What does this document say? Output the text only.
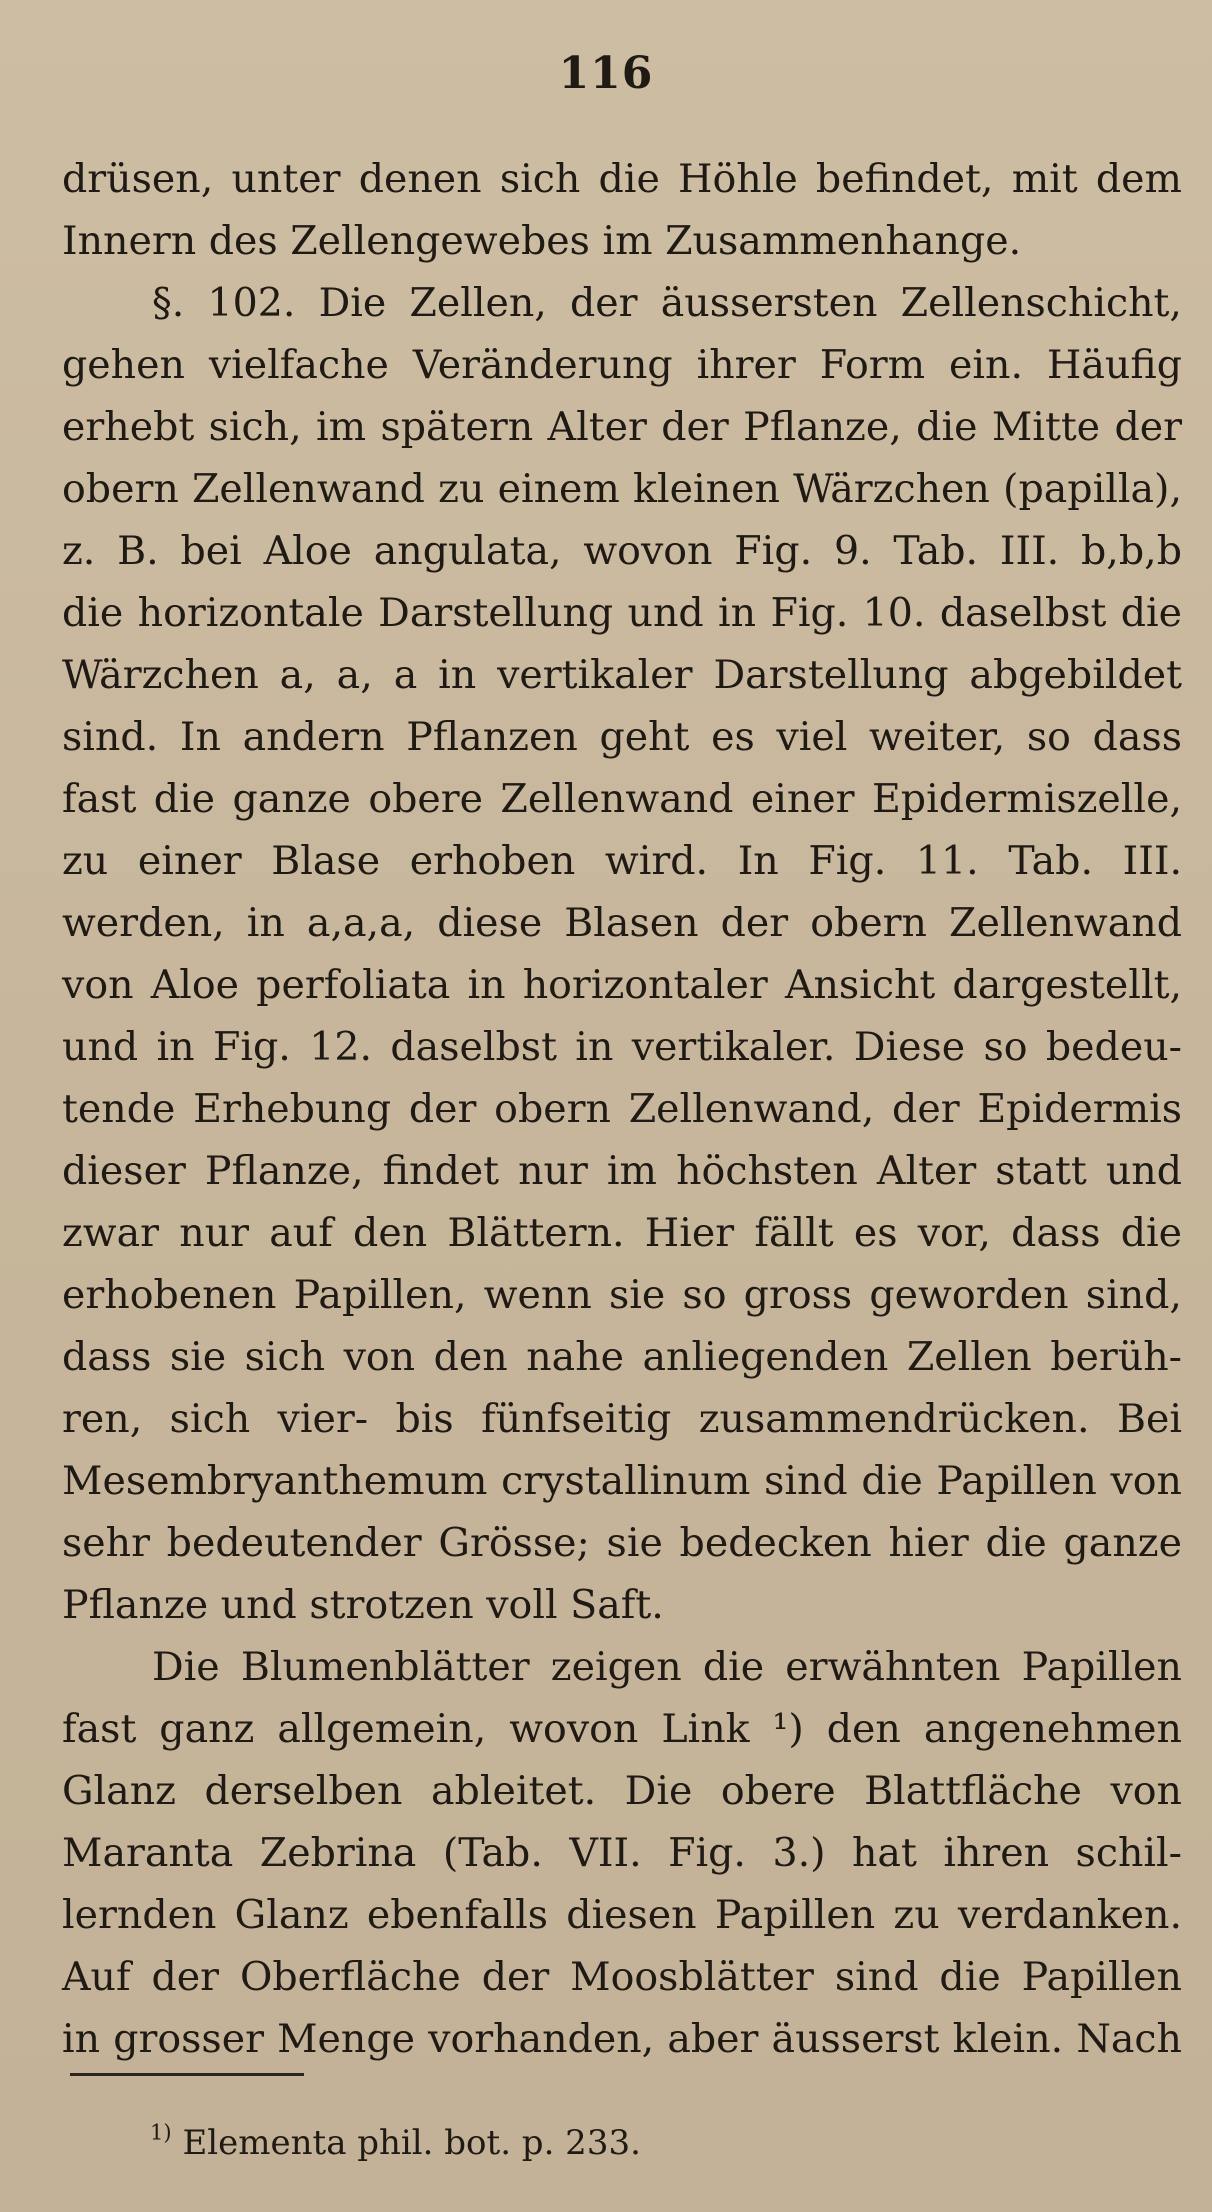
116
drüsen, unter denen sich die Höhle befindet, mit dem
Innern des Zellengewebes im Zusammenhange.
§. 102. Die Zellen, der äussersten Zellenschicht,
gehen vielfache Veränderung ihrer Form ein. Häufig
erhebt sich, im spätern Alter der Pflanze, die Mitte der
obern Zellenwand zu einem kleinen Wärzchen (papilla),
z. B. bei Aloe angulata, wovon Fig. 9. Tab. III. b,b,b
die horizontale Darstellung und in Fig. 10. daselbst die
Wärzchen a, a, a in vertikaler Darstellung abgebildet
sind. In andern Pflanzen geht es viel weiter, so dass
fast die ganze obere Zellenwand einer Epidermiszelle,
zu einer Blase erhoben wird. In Fig. 11. Tab. III.
werden, in a,a,a, diese Blasen der obern Zellenwand
von Aloe perfoliata in horizontaler Ansicht dargestellt,
und in Fig. 12. daselbst in vertikaler. Diese so bedeu-
tende Erhebung der obern Zellenwand, der Epidermis
dieser Pflanze, findet nur im höchsten Alter statt und
zwar nur auf den Blättern. Hier fällt es vor, dass die
erhobenen Papillen, wenn sie so gross geworden sind,
dass sie sich von den nahe anliegenden Zellen berüh-
ren, sich vier- bis fünfseitig zusammendrücken. Bei
Mesembryanthemum crystallinum sind die Papillen von
sehr bedeutender Grösse; sie bedecken hier die ganze
Pflanze und strotzen voll Saft.
Die Blumenblätter zeigen die erwähnten Papillen
fast ganz allgemein, wovon Link ¹) den angenehmen
Glanz derselben ableitet. Die obere Blattfläche von
Maranta Zebrina (Tab. VII. Fig. 3.) hat ihren schil-
lernden Glanz ebenfalls diesen Papillen zu verdanken.
Auf der Oberfläche der Moosblätter sind die Papillen
in grosser Menge vorhanden, aber äusserst klein. Nach
$^{1)}$ Elementa phil. bot. p. 233.
